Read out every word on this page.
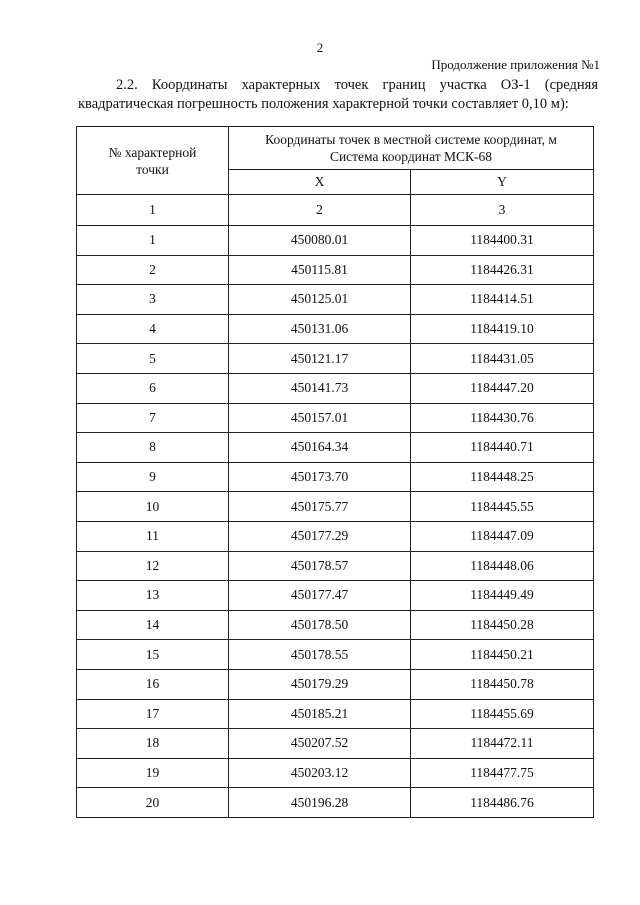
2
Продолжение приложения №1
2.2. Координаты характерных точек границ участка ОЗ-1 (средняя
квадратическая погрешность положения характерной точки составляет 0,10 м):
№ характерной точки	Координаты точек в местной системе координат, м
Система координат МСК-68	

	X	Y
1	2	3
1	450080.01	1184400.31
2	450115.81	1184426.31
3	450125.01	1184414.51
4	450131.06	1184419.10
5	450121.17	1184431.05
6	450141.73	1184447.20
7	450157.01	1184430.76
8	450164.34	1184440.71
9	450173.70	1184448.25
10	450175.77	1184445.55
11	450177.29	1184447.09
12	450178.57	1184448.06
13	450177.47	1184449.49
14	450178.50	1184450.28
15	450178.55	1184450.21
16	450179.29	1184450.78
17	450185.21	1184455.69
18	450207.52	1184472.11
19	450203.12	1184477.75
20	450196.28	1184486.76
